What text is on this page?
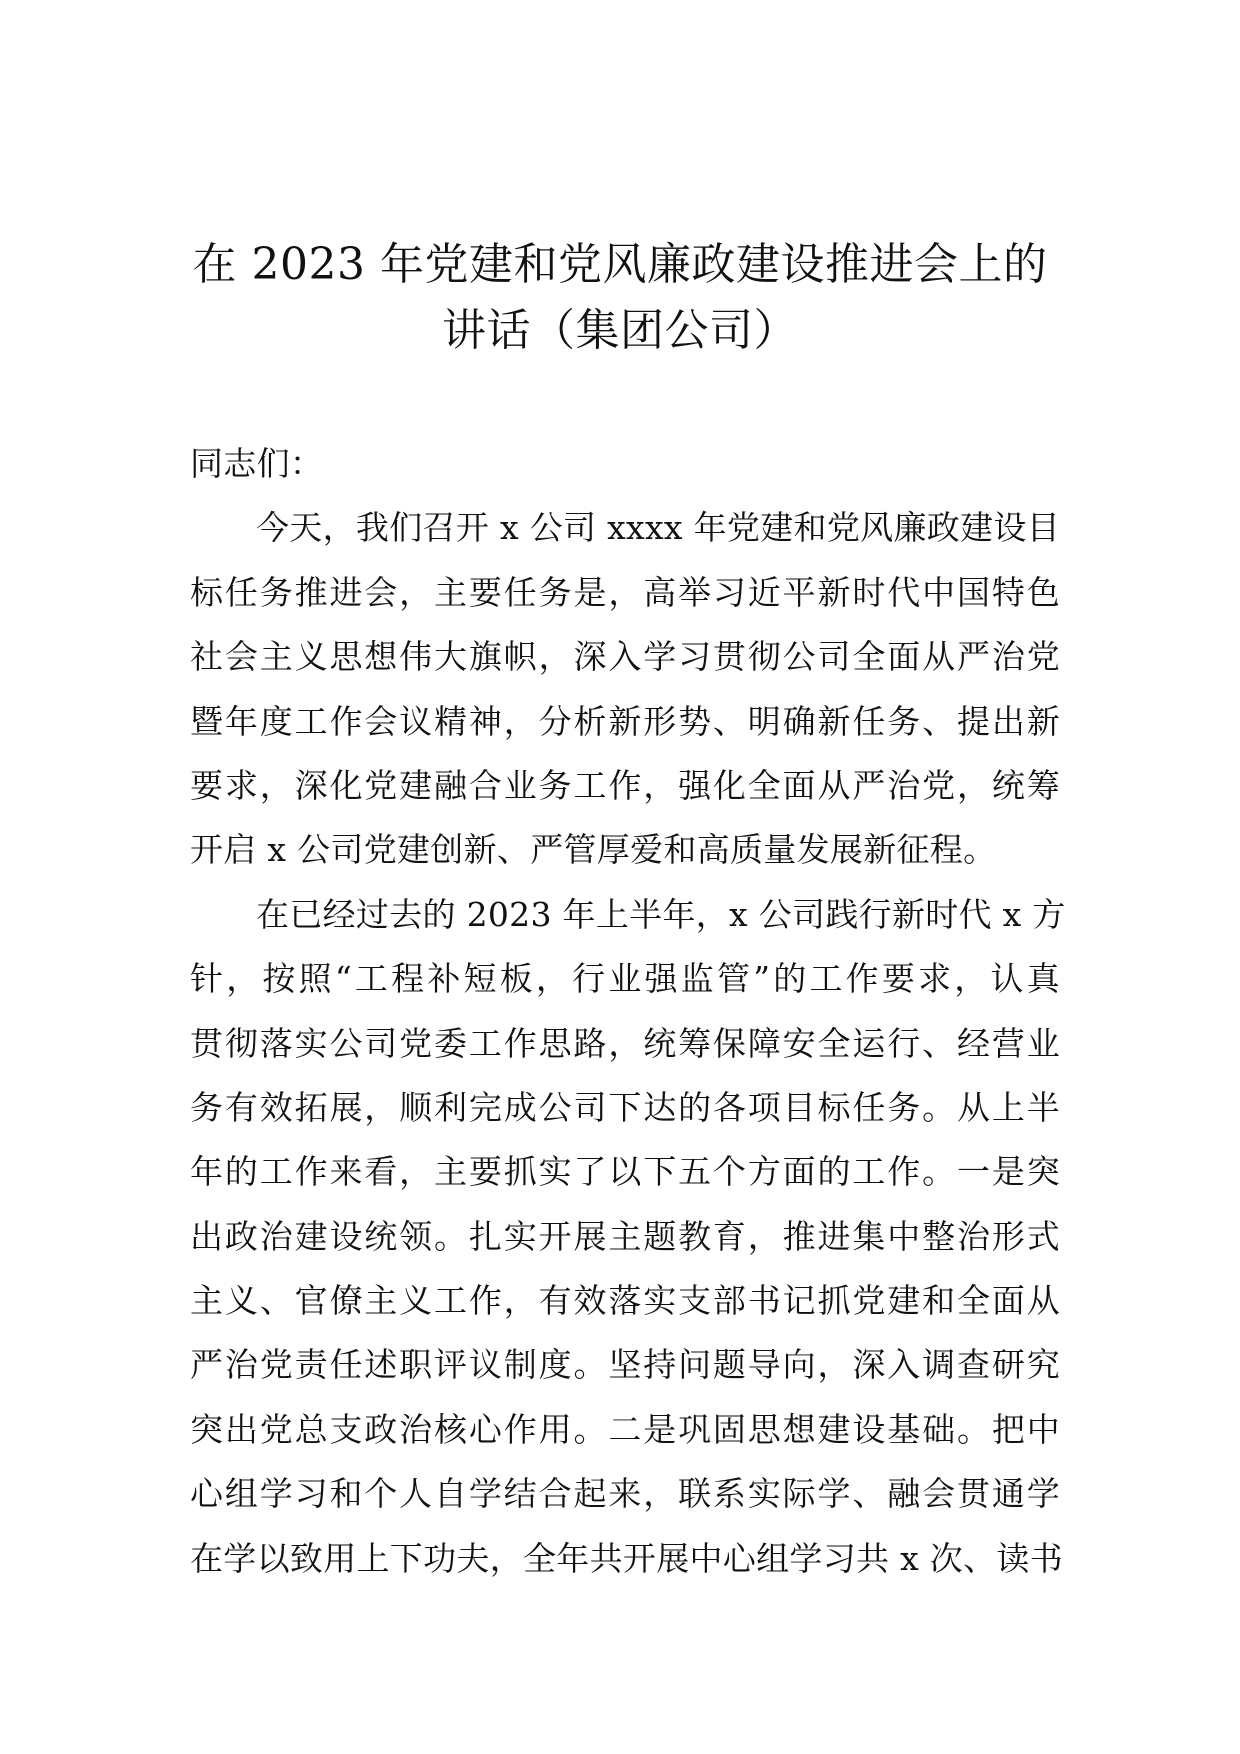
在 2023 年党建和党风廉政建设推进会上的
讲话（集团公司）
同志们：
今天，我们召开 x 公司 xxxx 年党建和党风廉政建设目
标任务推进会，主要任务是，高举习近平新时代中国特色
社会主义思想伟大旗帜，深入学习贯彻公司全面从严治党
暨年度工作会议精神，分析新形势、明确新任务、提出新
要求，深化党建融合业务工作，强化全面从严治党，统筹
开启 x 公司党建创新、严管厚爱和高质量发展新征程。
在已经过去的 2023 年上半年，x 公司践行新时代 x 方
针，按照“工程补短板，行业强监管”的工作要求，认真
贯彻落实公司党委工作思路，统筹保障安全运行、经营业
务有效拓展，顺利完成公司下达的各项目标任务。从上半
年的工作来看，主要抓实了以下五个方面的工作。一是突
出政治建设统领。扎实开展主题教育，推进集中整治形式
主义、官僚主义工作，有效落实支部书记抓党建和全面从
严治党责任述职评议制度。坚持问题导向，深入调查研究
突出党总支政治核心作用。二是巩固思想建设基础。把中
心组学习和个人自学结合起来，联系实际学、融会贯通学
在学以致用上下功夫，全年共开展中心组学习共 x 次、读书
